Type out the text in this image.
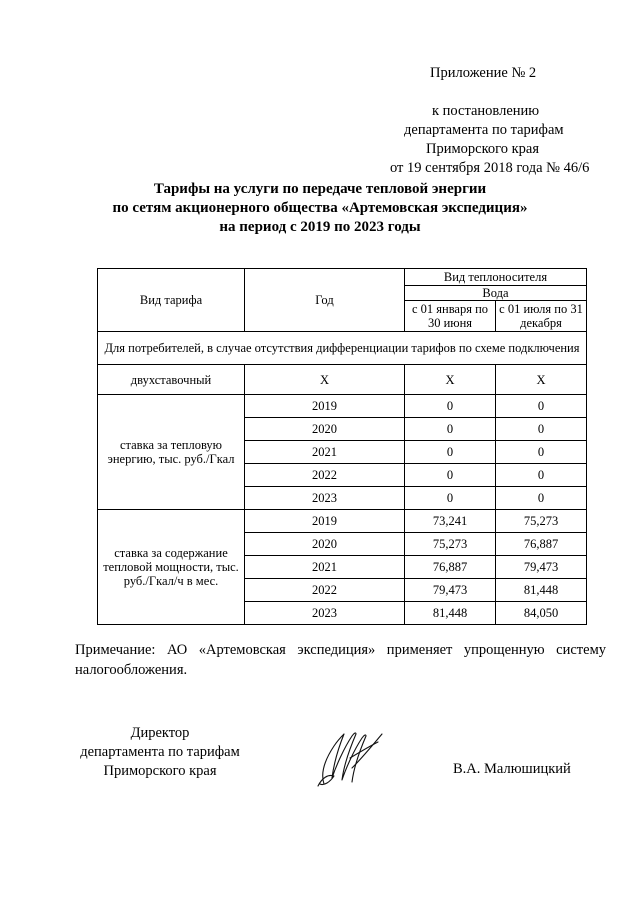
Приложение № 2
к постановлению
департамента по тарифам
Приморского края
от 19 сентября 2018 года № 46/6
Тарифы на услуги по передаче тепловой энергии
по сетям акционерного общества «Артемовская экспедиция»
на период с 2019 по 2023 годы
Вид тарифа	Год	Вид теплоносителя	
		Вода	
		с 01 января по 30 июня	с 01 июля по 31 декабря
Для потребителей, в случае отсутствия дифференциации тарифов по схеме подключения			
двухставочный	Х	Х	Х
ставка за тепловую энергию, тыс. руб./Гкал	2019	0	0
	2020	0	0
	2021	0	0
	2022	0	0
	2023	0	0
ставка за содержание тепловой мощности, тыс. руб./Гкал/ч в мес.	2019	73,241	75,273
	2020	75,273	76,887
	2021	76,887	79,473
	2022	79,473	81,448
	2023	81,448	84,050
Примечание: АО «Артемовская экспедиция» применяет упрощенную систему налогообложения.
Директор
департамента по тарифам
Приморского края	В.А. Малюшицкий
